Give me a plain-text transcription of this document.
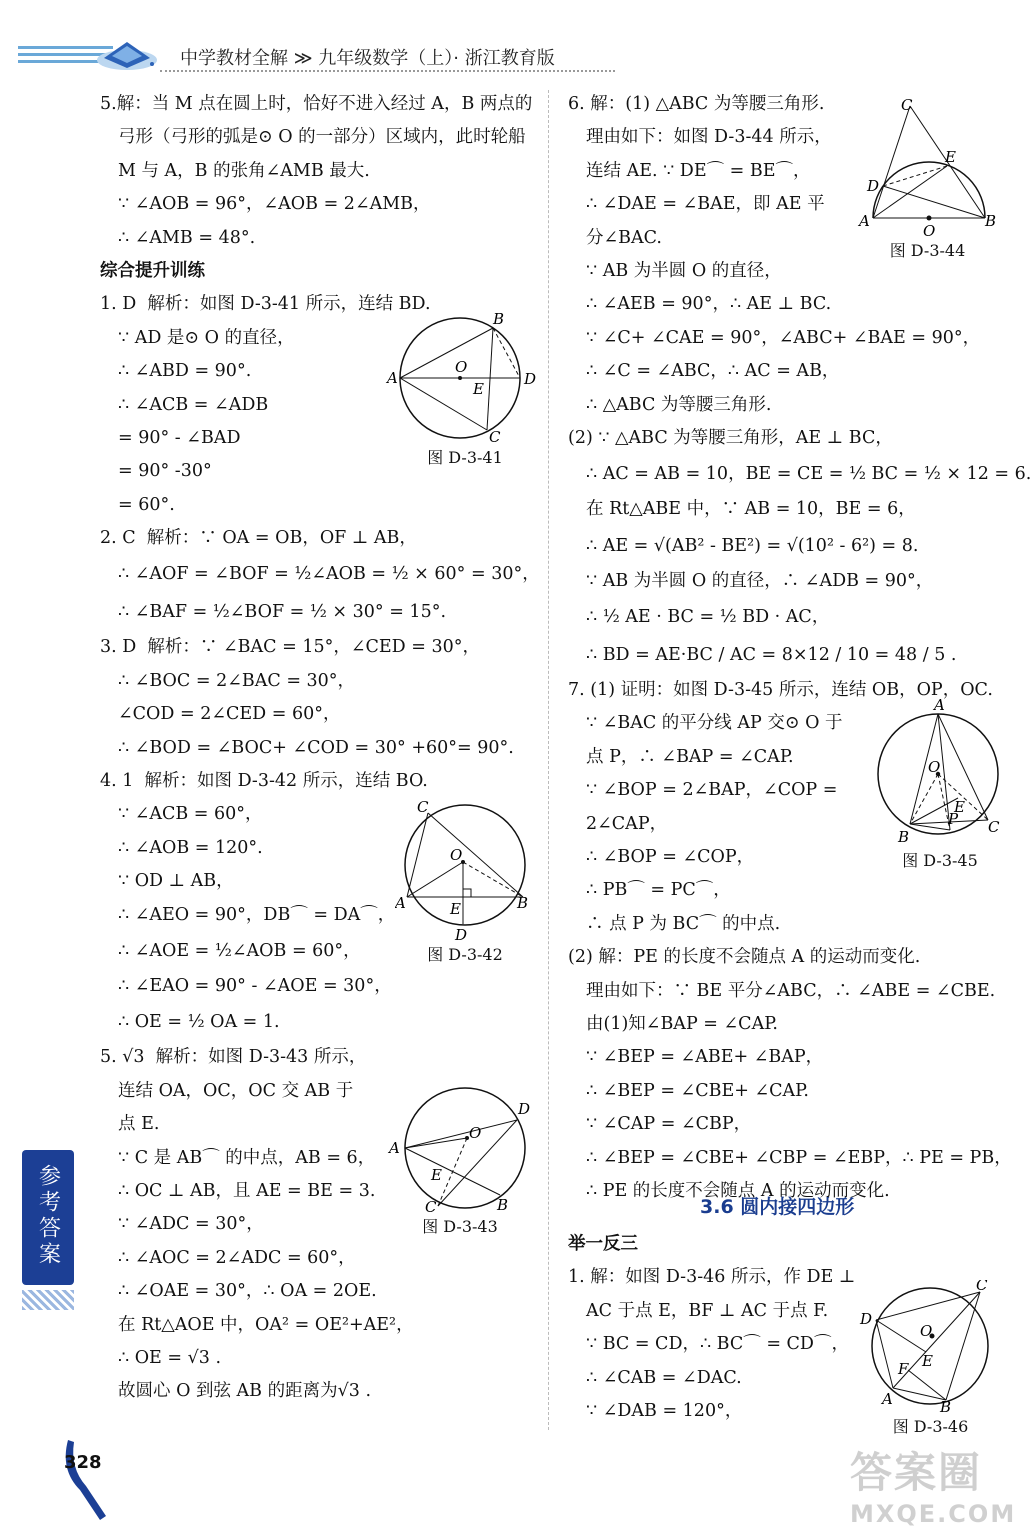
中学教材全解 ≫ 九年级数学（上）· 浙江教育版
5.解：当 M 点在圆上时，恰好不进入经过 A，B 两点的
弓形（弓形的弧是⊙ O 的一部分）区域内，此时轮船
M 与 A，B 的张角∠AMB 最大.
∵ ∠AOB = 96°，∠AOB = 2∠AMB，
∴ ∠AMB = 48°.
综合提升训练
1. D  解析：如图 D-3-41 所示，连结 BD.
∵ AD 是⊙ O 的直径，
∴ ∠ABD = 90°.
∴ ∠ACB = ∠ADB
= 90° - ∠BAD
= 90° -30°
= 60°.
2. C  解析：∵ OA = OB，OF ⊥ AB，
∴ ∠AOF = ∠BOF = ½∠AOB = ½ × 60° = 30°，
∴ ∠BAF = ½∠BOF = ½ × 30° = 15°.
3. D  解析：∵ ∠BAC = 15°，∠CED = 30°，
∴ ∠BOC = 2∠BAC = 30°，
∠COD = 2∠CED = 60°，
∴ ∠BOD = ∠BOC+ ∠COD = 30° +60°= 90°.
4. 1  解析：如图 D-3-42 所示，连结 BO.
∵ ∠ACB = 60°，
∴ ∠AOB = 120°.
∵ OD ⊥ AB，
∴ ∠AEO = 90°，DB⌒ = DA⌒，
∴ ∠AOE = ½∠AOB = 60°，
∴ ∠EAO = 90° - ∠AOE = 30°，
∴ OE = ½ OA = 1.
5. √3  解析：如图 D-3-43 所示，
连结 OA，OC，OC 交 AB 于
点 E.
∵ C 是 AB⌒ 的中点，AB = 6，
∴ OC ⊥ AB，且 AE = BE = 3.
∵ ∠ADC = 30°，
∴ ∠AOC = 2∠ADC = 60°，
∴ ∠OAE = 30°，∴ OA = 2OE.
在 Rt△AOE 中，OA² = OE²+AE²，
∴ OE = √3 .
故圆心 O 到弦 AB 的距离为√3 .
6. 解：(1) △ABC 为等腰三角形.
理由如下：如图 D-3-44 所示，
连结 AE. ∵ DE⌒ = BE⌒，
∴ ∠DAE = ∠BAE，即 AE 平
分∠BAC.
∵ AB 为半圆 O 的直径，
∴ ∠AEB = 90°，∴ AE ⊥ BC.
∵ ∠C+ ∠CAE = 90°，∠ABC+ ∠BAE = 90°，
∴ ∠C = ∠ABC，∴ AC = AB，
∴ △ABC 为等腰三角形.
(2) ∵ △ABC 为等腰三角形，AE ⊥ BC，
∴ AC = AB = 10，BE = CE = ½ BC = ½ × 12 = 6.
在 Rt△ABE 中，∵ AB = 10，BE = 6，
∴ AE = √(AB² - BE²) = √(10² - 6²) = 8.
∵ AB 为半圆 O 的直径，∴ ∠ADB = 90°，
∴ ½ AE · BC = ½ BD · AC，
∴ BD = AE·BC / AC = 8×12 / 10 = 48 / 5 .
7. (1) 证明：如图 D-3-45 所示，连结 OB，OP，OC.
∵ ∠BAC 的平分线 AP 交⊙ O 于
点 P，∴ ∠BAP = ∠CAP.
∵ ∠BOP = 2∠BAP，∠COP =
2∠CAP，
∴ ∠BOP = ∠COP，
∴ PB⌒ = PC⌒，
∴ 点 P 为 BC⌒ 的中点.
(2) 解：PE 的长度不会随点 A 的运动而变化.
理由如下：∵ BE 平分∠ABC，∴ ∠ABE = ∠CBE.
由(1)知∠BAP = ∠CAP.
∵ ∠BEP = ∠ABE+ ∠BAP，
∴ ∠BEP = ∠CBE+ ∠CAP.
∵ ∠CAP = ∠CBP，
∴ ∠BEP = ∠CBE+ ∠CBP = ∠EBP，∴ PE = PB，
∴ PE 的长度不会随点 A 的运动而变化.
3.6 圆内接四边形
举一反三
1. 解：如图 D-3-46 所示，作 DE ⊥
AC 于点 E，BF ⊥ AC 于点 F.
∵ BC = CD，∴ BC⌒ = CD⌒，
∴ ∠CAB = ∠DAC.
∵ ∠DAB = 120°，
A
B
C
D
O
E
图 D-3-41
A	B
C
D
O
E
图 D-3-42
A
B
C
D
O
E
图 D-3-43
A	B
C
D
O
E
图 D-3-44
A
B
C
O
E
P
图 D-3-45
A	B
C
D
O
E
F
图 D-3-46
参考答案
328	答案圈
MXQE.COM
